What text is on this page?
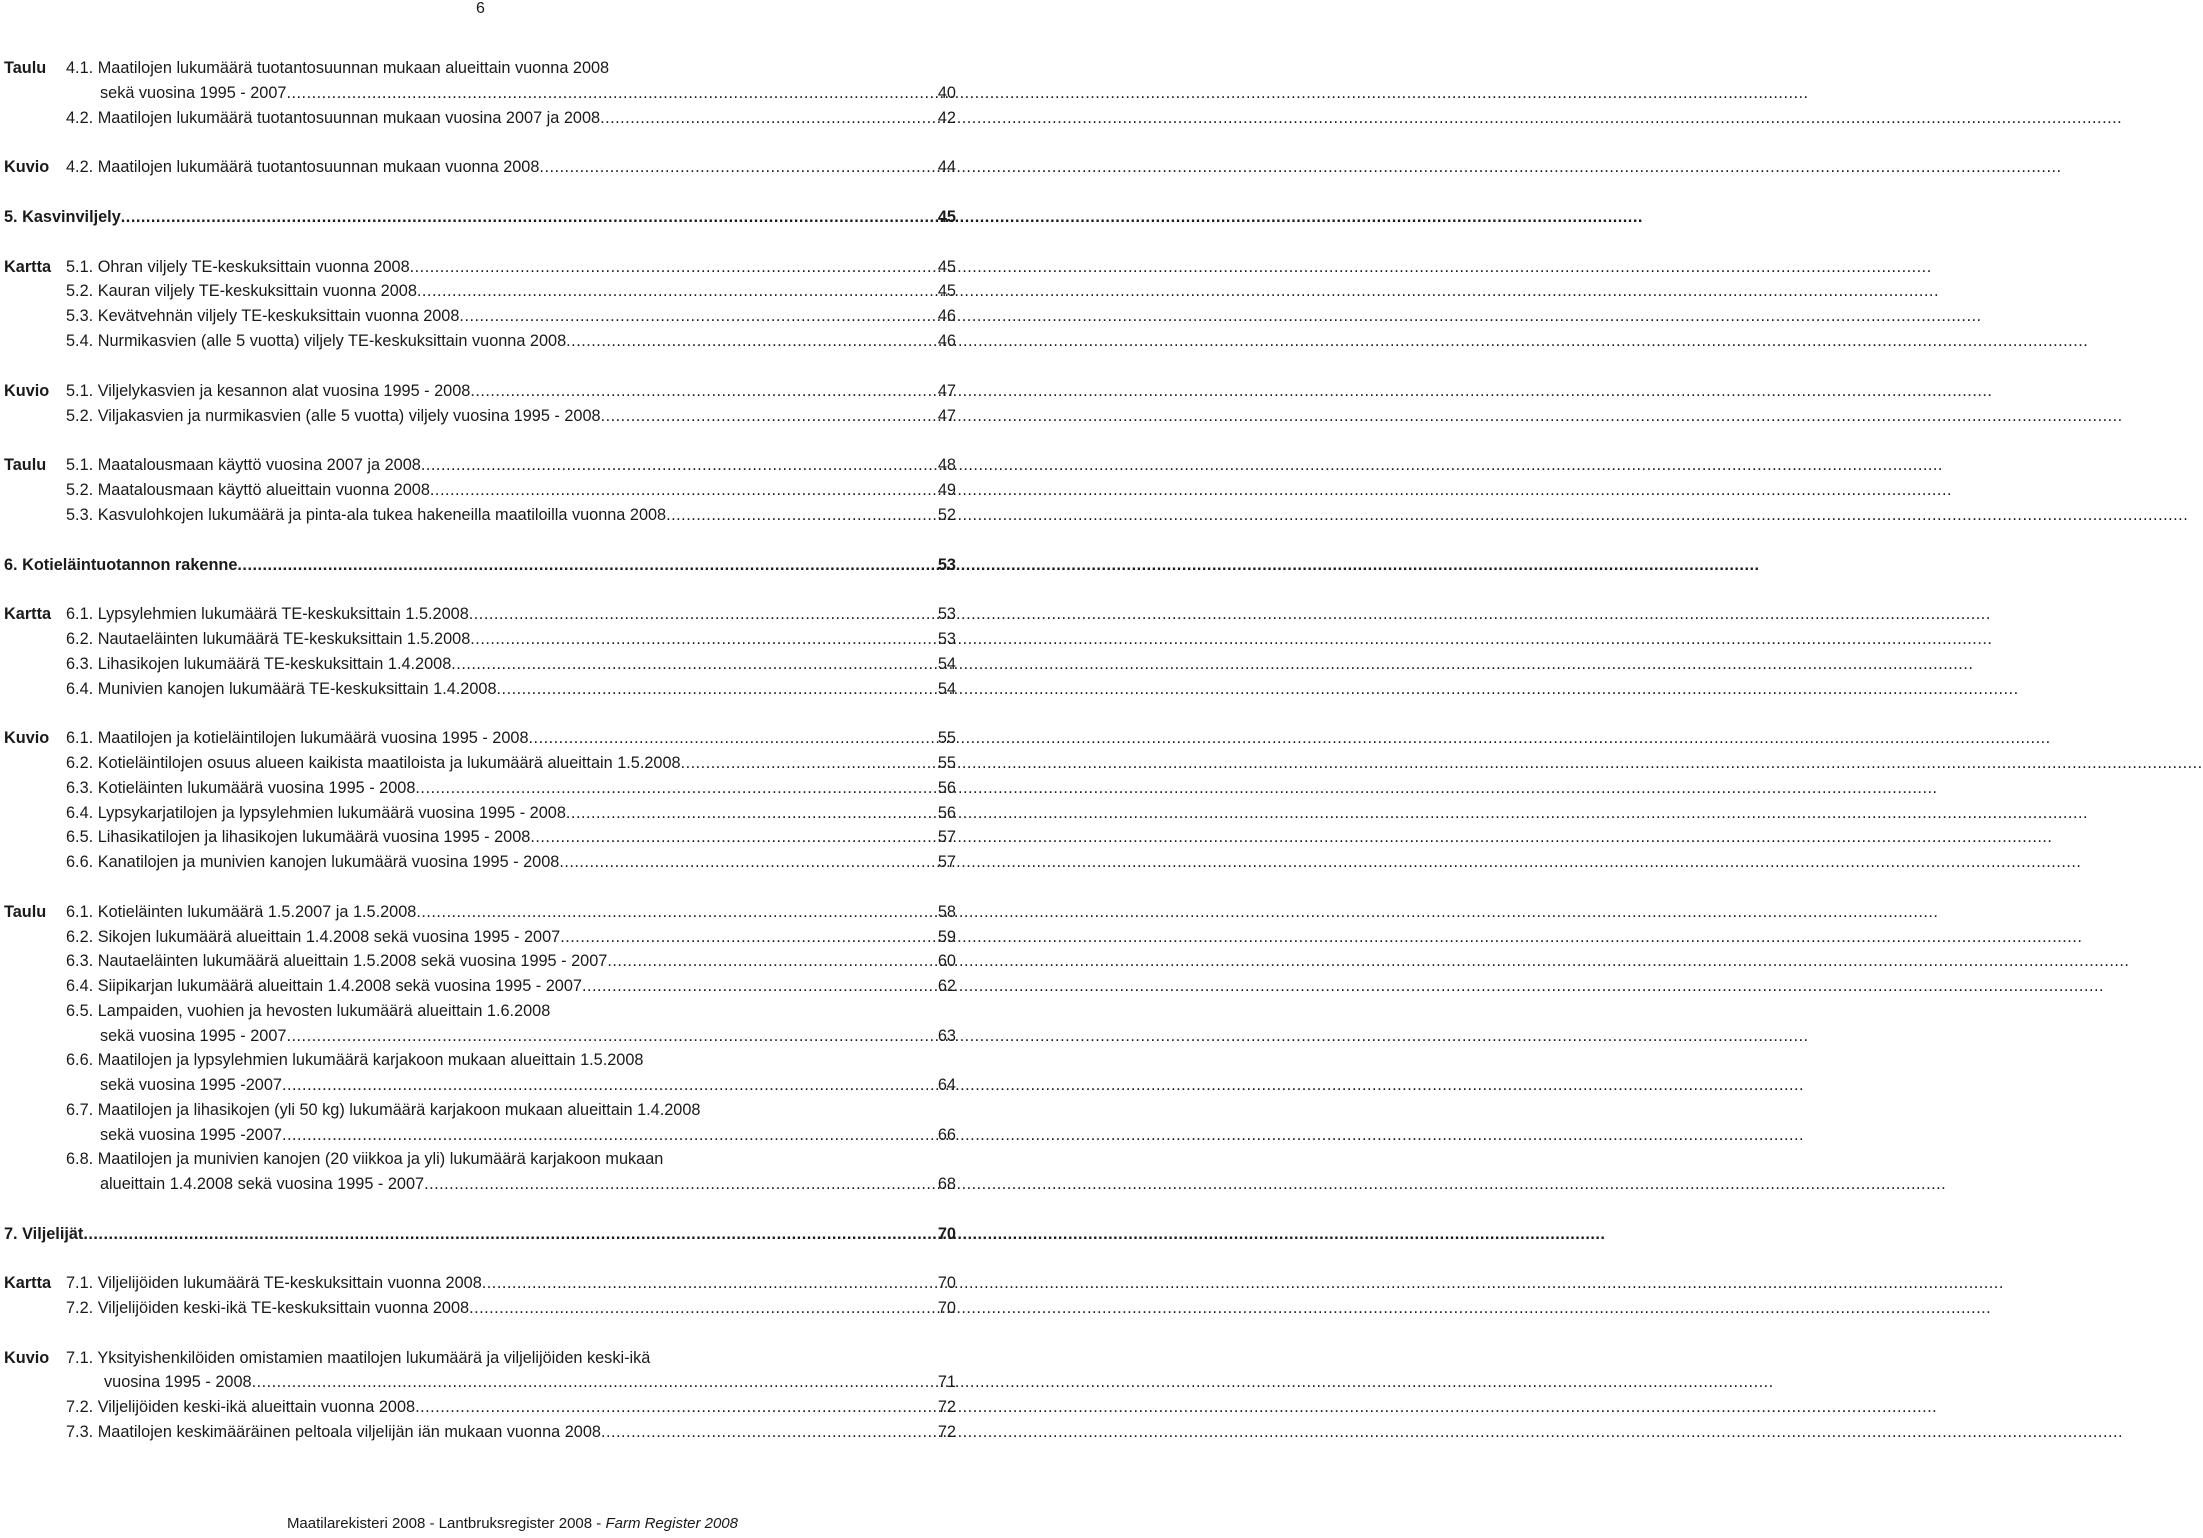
6
Taulu 4.1. Maatilojen lukumäärä tuotantosuunnan mukaan alueittain vuonna 2008
sekä vuosina 1995 - 2007 .....	40
4.2. Maatilojen lukumäärä tuotantosuunnan mukaan vuosina 2007 ja 2008 .....	42
Kuvio 4.2. Maatilojen lukumäärä tuotantosuunnan mukaan vuonna 2008 .....	44
5. Kasvinviljely .....	45
Kartta 5.1. Ohran viljely TE-keskuksittain vuonna 2008 .....	45
5.2. Kauran viljely TE-keskuksittain vuonna 2008 .....	45
5.3. Kevätvehnän viljely TE-keskuksittain vuonna 2008 .....	46
5.4. Nurmikasvien (alle 5 vuotta) viljely TE-keskuksittain vuonna 2008 .....	46
Kuvio 5.1. Viljelykasvien ja kesannon alat vuosina 1995 - 2008 .....	47
5.2. Viljakasvien ja nurmikasvien (alle 5 vuotta) viljely vuosina 1995 - 2008 .....	47
Taulu 5.1. Maatalousmaan käyttö vuosina 2007 ja 2008 .....	48
5.2. Maatalousmaan käyttö alueittain vuonna 2008 .....	49
5.3. Kasvulohkojen lukumäärä ja pinta-ala tukea hakeneilla maatiloilla vuonna 2008 .....	52
6. Kotieläintuotannon rakenne .....	53
Kartta 6.1. Lypsylehmien lukumäärä TE-keskuksittain 1.5.2008 .....	53
6.2. Nautaeläinten lukumäärä TE-keskuksittain 1.5.2008 .....	53
6.3. Lihasikojen lukumäärä TE-keskuksittain 1.4.2008 .....	54
6.4. Munivien kanojen lukumäärä TE-keskuksittain 1.4.2008 .....	54
Kuvio 6.1. Maatilojen ja kotieläintilojen lukumäärä vuosina 1995 - 2008 .....	55
6.2. Kotieläintilojen osuus alueen kaikista maatiloista ja lukumäärä alueittain 1.5.2008 .....	55
6.3. Kotieläinten lukumäärä vuosina 1995 - 2008 .....	56
6.4. Lypsykarjatilojen ja lypsylehmien lukumäärä vuosina 1995 - 2008 .....	56
6.5. Lihasikatilojen ja lihasikojen lukumäärä vuosina 1995 - 2008 .....	57
6.6. Kanatilojen ja munivien kanojen lukumäärä vuosina 1995 - 2008 .....	57
Taulu 6.1. Kotieläinten lukumäärä 1.5.2007 ja 1.5.2008 .....	58
6.2. Sikojen lukumäärä alueittain 1.4.2008 sekä vuosina 1995 - 2007 .....	59
6.3. Nautaeläinten lukumäärä alueittain 1.5.2008 sekä vuosina 1995 - 2007 .....	60
6.4. Siipikarjan lukumäärä alueittain 1.4.2008 sekä vuosina 1995 - 2007 .....	62
6.5. Lampaiden, vuohien ja hevosten lukumäärä alueittain 1.6.2008
sekä vuosina 1995 - 2007 .....	63
6.6. Maatilojen ja lypsylehmien lukumäärä karjakoon mukaan alueittain 1.5.2008
sekä vuosina 1995 -2007 .....	64
6.7. Maatilojen ja lihasikojen (yli 50 kg) lukumäärä karjakoon mukaan alueittain 1.4.2008
sekä vuosina 1995 -2007 .....	66
6.8. Maatilojen ja munivien kanojen (20 viikkoa ja yli) lukumäärä karjakoon mukaan
alueittain 1.4.2008 sekä vuosina 1995 - 2007 .....	68
7. Viljelijät .....	70
Kartta 7.1. Viljelijöiden lukumäärä TE-keskuksittain vuonna 2008 .....	70
7.2. Viljelijöiden keski-ikä TE-keskuksittain vuonna 2008 .....	70
Kuvio 7.1. Yksityishenkilöiden omistamien maatilojen lukumäärä ja viljelijöiden keski-ikä
vuosina 1995 - 2008 .....	71
7.2. Viljelijöiden keski-ikä alueittain vuonna 2008 .....	72
7.3. Maatilojen keskimääräinen peltoala viljelijän iän mukaan vuonna 2008 .....	72
Maatilarekisteri 2008 - Lantbruksregister 2008 - Farm Register 2008
